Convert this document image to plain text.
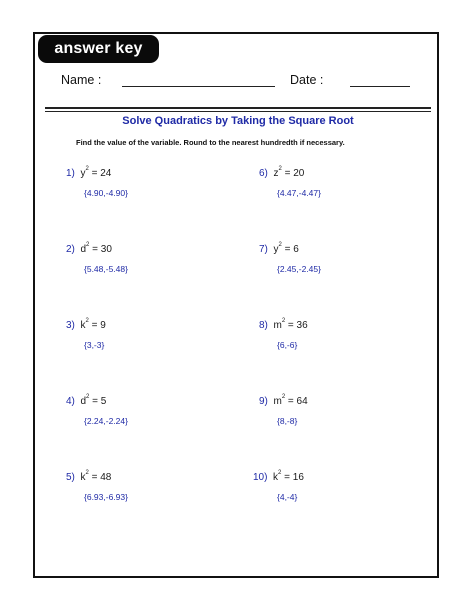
answer key
Name :	Date :
Solve Quadratics by Taking the Square Root
Find the value of the variable. Round to the nearest hundredth if necessary.
1) $y^2 = 24$
{4.90,-4.90}
2) $d^2 = 30$
{5.48,-5.48}
3) $k^2 = 9$
{3,-3}
4) $d^2 = 5$
{2.24,-2.24}
5) $k^2 = 48$
{6.93,-6.93}
6) $z^2 = 20$
{4.47,-4.47}
7) $y^2 = 6$
{2.45,-2.45}
8) $m^2 = 36$
{6,-6}
9) $m^2 = 64$
{8,-8}
10) $k^2 = 16$
{4,-4}
